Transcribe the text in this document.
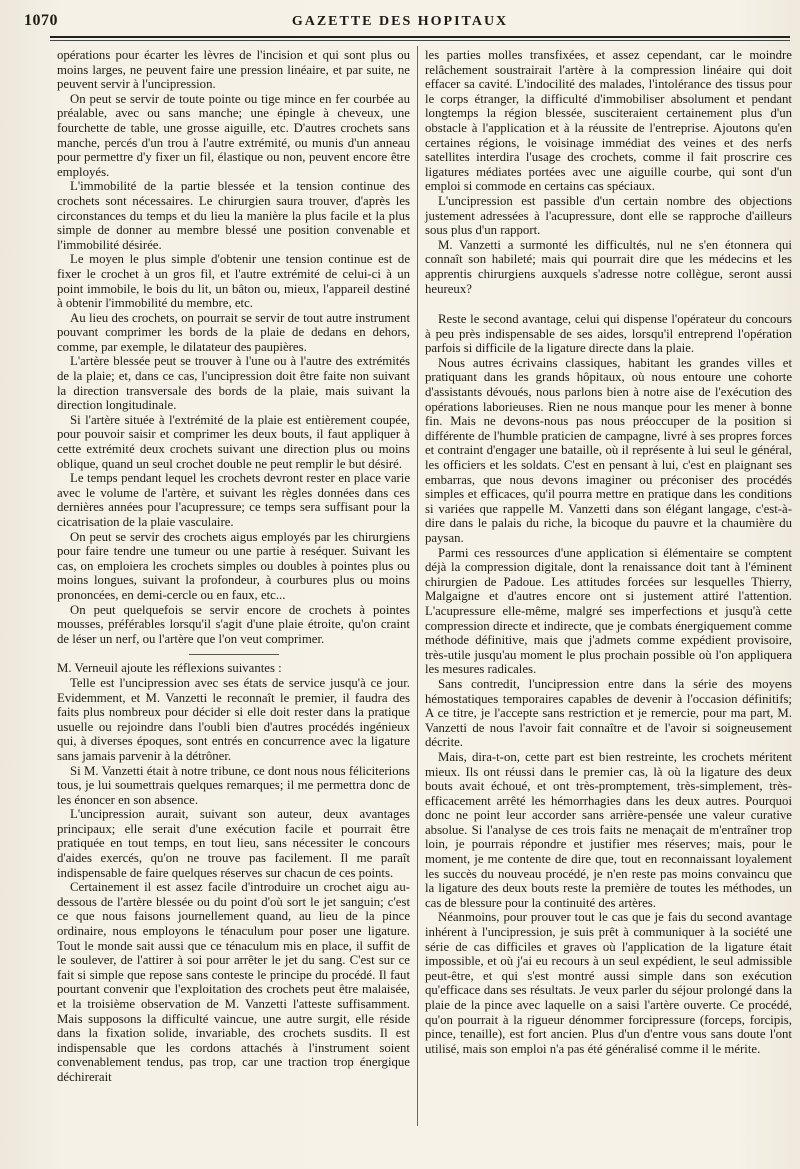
1070	GAZETTE DES HOPITAUX

opérations pour écarter les lèvres de l'incision et qui sont plus ou moins larges, ne peuvent faire une pression linéaire, et par suite, ne peuvent servir à l'uncipression.

On peut se servir de toute pointe ou tige mince en fer courbée au préalable, avec ou sans manche; une épingle à cheveux, une fourchette de table, une grosse aiguille, etc. D'autres crochets sans manche, percés d'un trou à l'autre extrémité, ou munis d'un anneau pour permettre d'y fixer un fil, élastique ou non, peuvent encore être employés.

L'immobilité de la partie blessée et la tension continue des crochets sont nécessaires. Le chirurgien saura trouver, d'après les circonstances du temps et du lieu la manière la plus facile et la plus simple de donner au membre blessé une position convenable et l'immobilité désirée.

Le moyen le plus simple d'obtenir une tension continue est de fixer le crochet à un gros fil, et l'autre extrémité de celui-ci à un point immobile, le bois du lit, un bâton ou, mieux, l'appareil destiné à obtenir l'immobilité du membre, etc.

Au lieu des crochets, on pourrait se servir de tout autre instrument pouvant comprimer les bords de la plaie de dedans en dehors, comme, par exemple, le dilatateur des paupières.

L'artère blessée peut se trouver à l'une ou à l'autre des extrémités de la plaie; et, dans ce cas, l'uncipression doit être faite non suivant la direction transversale des bords de la plaie, mais suivant la direction longitudinale.

Si l'artère située à l'extrémité de la plaie est entièrement coupée, pour pouvoir saisir et comprimer les deux bouts, il faut appliquer à cette extrémité deux crochets suivant une direction plus ou moins oblique, quand un seul crochet double ne peut remplir le but désiré.

Le temps pendant lequel les crochets devront rester en place varie avec le volume de l'artère, et suivant les règles données dans ces dernières années pour l'acupressure; ce temps sera suffisant pour la cicatrisation de la plaie vasculaire.

On peut se servir des crochets aigus employés par les chirurgiens pour faire tendre une tumeur ou une partie à reséquer. Suivant les cas, on emploiera les crochets simples ou doubles à pointes plus ou moins longues, suivant la profondeur, à courbures plus ou moins prononcées, en demi-cercle ou en faux, etc...

On peut quelquefois se servir encore de crochets à pointes mousses, préférables lorsqu'il s'agit d'une plaie étroite, qu'on craint de léser un nerf, ou l'artère que l'on veut comprimer.

M. Verneuil ajoute les réflexions suivantes :

Telle est l'uncipression avec ses états de service jusqu'à ce jour. Evidemment, et M. Vanzetti le reconnaît le premier, il faudra des faits plus nombreux pour décider si elle doit rester dans la pratique usuelle ou rejoindre dans l'oubli bien d'autres procédés ingénieux qui, à diverses époques, sont entrés en concurrence avec la ligature sans jamais parvenir à la détrôner.

Si M. Vanzetti était à notre tribune, ce dont nous nous féliciterions tous, je lui soumettrais quelques remarques; il me permettra donc de les énoncer en son absence.

L'uncipression aurait, suivant son auteur, deux avantages principaux; elle serait d'une exécution facile et pourrait être pratiquée en tout temps, en tout lieu, sans nécessiter le concours d'aides exercés, qu'on ne trouve pas facilement. Il me paraît indispensable de faire quelques réserves sur chacun de ces points.

Certainement il est assez facile d'introduire un crochet aigu au-dessous de l'artère blessée ou du point d'où sort le jet sanguin; c'est ce que nous faisons journellement quand, au lieu de la pince ordinaire, nous employons le ténaculum pour poser une ligature. Tout le monde sait aussi que ce ténaculum mis en place, il suffit de le soulever, de l'attirer à soi pour arrêter le jet du sang. C'est sur ce fait si simple que repose sans conteste le principe du procédé. Il faut pourtant convenir que l'exploitation des crochets peut être malaisée, et la troisième observation de M. Vanzetti l'atteste suffisamment. Mais supposons la difficulté vaincue, une autre surgit, elle réside dans la fixation solide, invariable, des crochets susdits. Il est indispensable que les cordons attachés à l'instrument soient convenablement tendus, pas trop, car une traction trop énergique déchirerait

les parties molles transfixées, et assez cependant, car le moindre relâchement soustrairait l'artère à la compression linéaire qui doit effacer sa cavité. L'indocilité des malades, l'intolérance des tissus pour le corps étranger, la difficulté d'immobiliser absolument et pendant longtemps la région blessée, susciteraient certainement plus d'un obstacle à l'application et à la réussite de l'entreprise. Ajoutons qu'en certaines régions, le voisinage immédiat des veines et des nerfs satellites interdira l'usage des crochets, comme il fait proscrire ces ligatures médiates portées avec une aiguille courbe, qui sont d'un emploi si commode en certains cas spéciaux.

L'uncipression est passible d'un certain nombre des objections justement adressées à l'acupressure, dont elle se rapproche d'ailleurs sous plus d'un rapport.

M. Vanzetti a surmonté les difficultés, nul ne s'en étonnera qui connaît son habileté; mais qui pourrait dire que les médecins et les apprentis chirurgiens auxquels s'adresse notre collègue, seront aussi heureux?

Reste le second avantage, celui qui dispense l'opérateur du concours à peu près indispensable de ses aides, lorsqu'il entreprend l'opération parfois si difficile de la ligature directe dans la plaie.

Nous autres écrivains classiques, habitant les grandes villes et pratiquant dans les grands hôpitaux, où nous entoure une cohorte d'assistants dévoués, nous parlons bien à notre aise de l'exécution des opérations laborieuses. Rien ne nous manque pour les mener à bonne fin. Mais ne devons-nous pas nous préoccuper de la position si différente de l'humble praticien de campagne, livré à ses propres forces et contraint d'engager une bataille, où il représente à lui seul le général, les officiers et les soldats. C'est en pensant à lui, c'est en plaignant ses embarras, que nous devons imaginer ou préconiser des procédés simples et efficaces, qu'il pourra mettre en pratique dans les conditions si variées que rappelle M. Vanzetti dans son élégant langage, c'est-à-dire dans le palais du riche, la bicoque du pauvre et la chaumière du paysan.

Parmi ces ressources d'une application si élémentaire se comptent déjà la compression digitale, dont la renaissance doit tant à l'éminent chirurgien de Padoue. Les attitudes forcées sur lesquelles Thierry, Malgaigne et d'autres encore ont si justement attiré l'attention. L'acupressure elle-même, malgré ses imperfections et jusqu'à cette compression directe et indirecte, que je combats énergiquement comme méthode définitive, mais que j'admets comme expédient provisoire, très-utile jusqu'au moment le plus prochain possible où l'on appliquera les mesures radicales.

Sans contredit, l'uncipression entre dans la série des moyens hémostatiques temporaires capables de devenir à l'occasion définitifs; A ce titre, je l'accepte sans restriction et je remercie, pour ma part, M. Vanzetti de nous l'avoir fait connaître et de l'avoir si soigneusement décrite.

Mais, dira-t-on, cette part est bien restreinte, les crochets méritent mieux. Ils ont réussi dans le premier cas, là où la ligature des deux bouts avait échoué, et ont très-promptement, très-simplement, très-efficacement arrêté les hémorrhagies dans les deux autres. Pourquoi donc ne point leur accorder sans arrière-pensée une valeur curative absolue. Si l'analyse de ces trois faits ne menaçait de m'entraîner trop loin, je pourrais répondre et justifier mes réserves; mais, pour le moment, je me contente de dire que, tout en reconnaissant loyalement les succès du nouveau procédé, je n'en reste pas moins convaincu que la ligature des deux bouts reste la première de toutes les méthodes, un cas de blessure pour la continuité des artères.

Néanmoins, pour prouver tout le cas que je fais du second avantage inhérent à l'uncipression, je suis prêt à communiquer à la société une série de cas difficiles et graves où l'application de la ligature était impossible, et où j'ai eu recours à un seul expédient, le seul admissible peut-être, et qui s'est montré aussi simple dans son exécution qu'efficace dans ses résultats. Je veux parler du séjour prolongé dans la plaie de la pince avec laquelle on a saisi l'artère ouverte. Ce procédé, qu'on pourrait à la rigueur dénommer forcipressure (forceps, forcipis, pince, tenaille), est fort ancien. Plus d'un d'entre vous sans doute l'ont utilisé, mais son emploi n'a pas été généralisé comme il le mérite.
